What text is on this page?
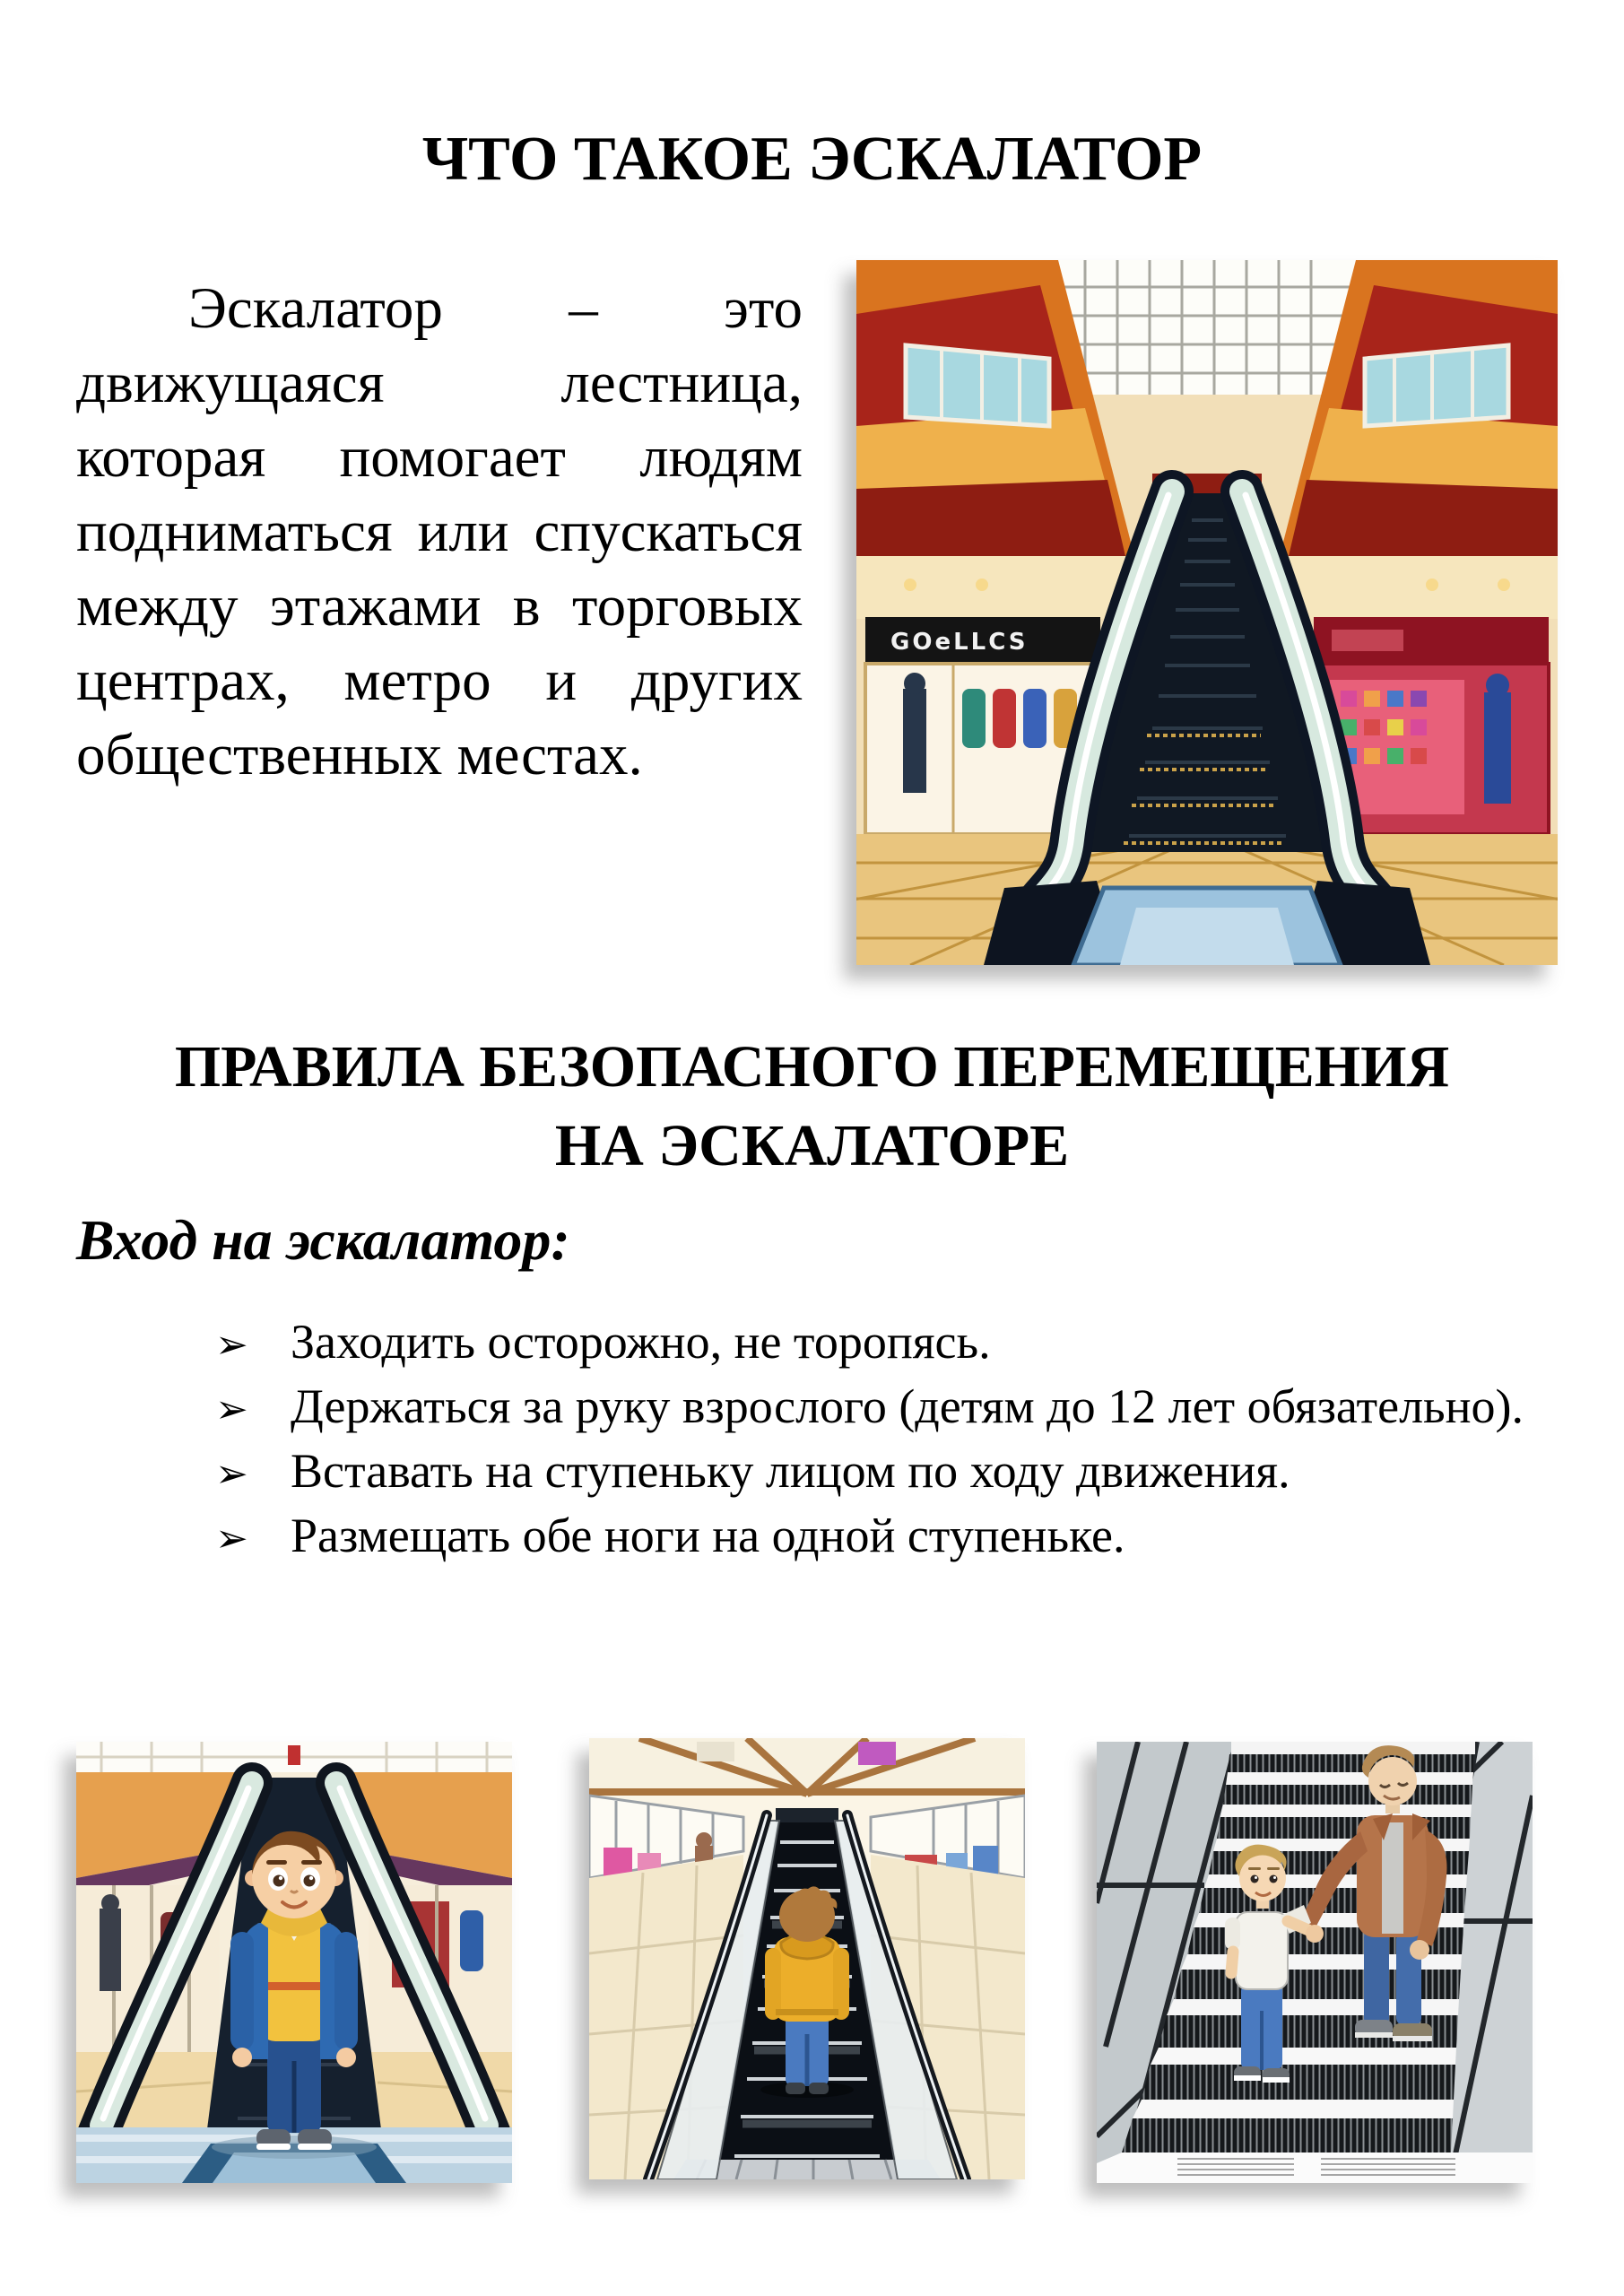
ЧТО ТАКОЕ ЭСКАЛАТОР

Эскалатор – это движущаяся лестница, которая помогает людям подниматься или спускаться между этажами в торговых центрах, метро и других общественных местах.

GOeLLCS
ПРАВИЛА БЕЗОПАСНОГО ПЕРЕМЕЩЕНИЯ
НА ЭСКАЛАТОРЕ
Вход на эскалатор:

➢ Заходить осторожно, не торопясь.

➢ Держаться за руку взрослого (детям до 12 лет обязательно).

➢ Вставать на ступеньку лицом по ходу движения.

➢ Размещать обе ноги на одной ступеньке.
